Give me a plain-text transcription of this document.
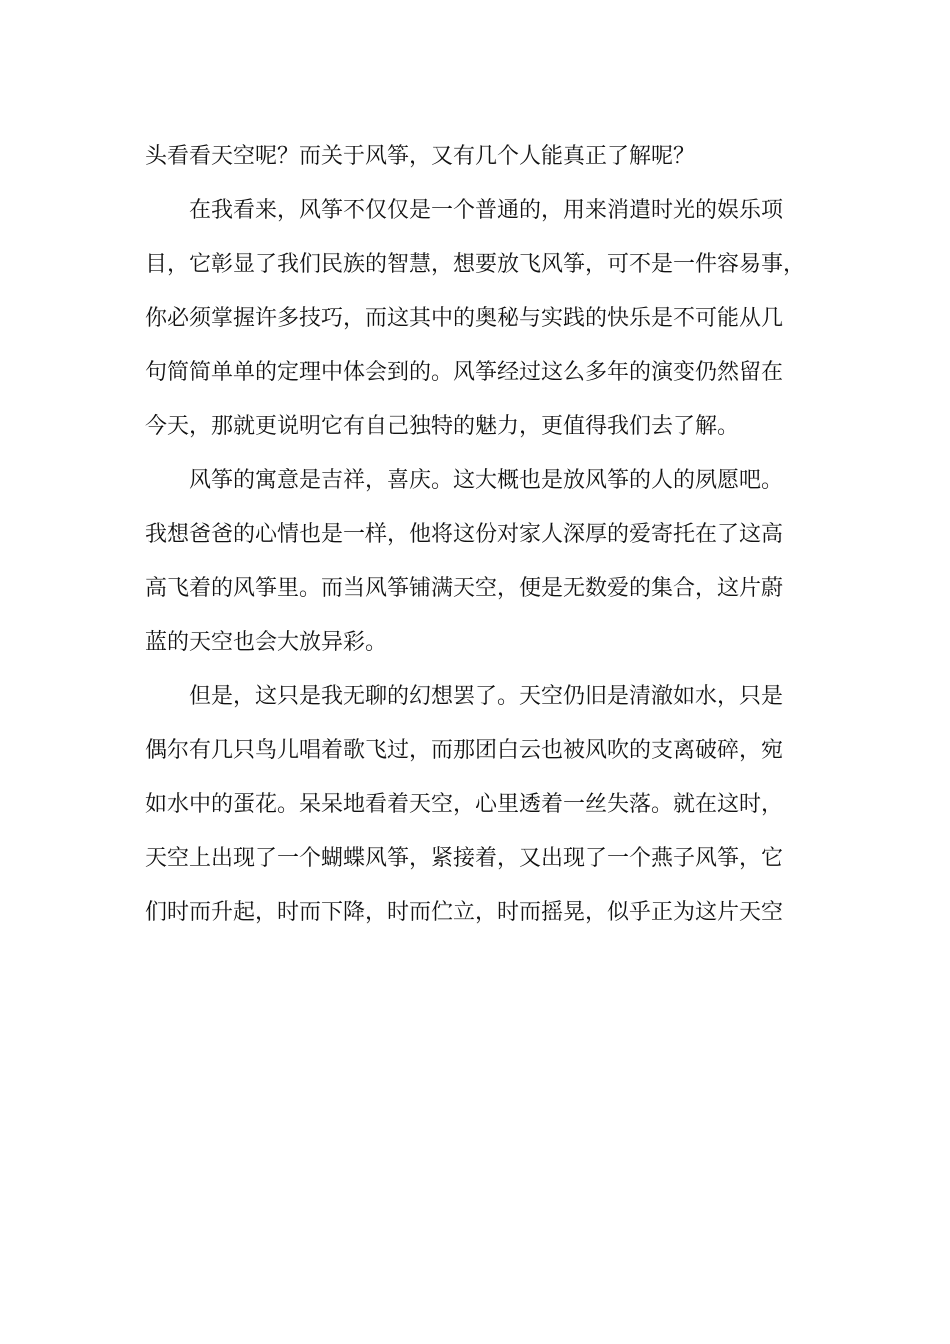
头看看天空呢？而关于风筝，又有几个人能真正了解呢？
在我看来，风筝不仅仅是一个普通的，用来消遣时光的娱乐项
目，它彰显了我们民族的智慧，想要放飞风筝，可不是一件容易事，
你必须掌握许多技巧，而这其中的奥秘与实践的快乐是不可能从几
句简简单单的定理中体会到的。风筝经过这么多年的演变仍然留在
今天，那就更说明它有自己独特的魅力，更值得我们去了解。
风筝的寓意是吉祥，喜庆。这大概也是放风筝的人的夙愿吧。
我想爸爸的心情也是一样，他将这份对家人深厚的爱寄托在了这高
高飞着的风筝里。而当风筝铺满天空，便是无数爱的集合，这片蔚
蓝的天空也会大放异彩。
但是，这只是我无聊的幻想罢了。天空仍旧是清澈如水，只是
偶尔有几只鸟儿唱着歌飞过，而那团白云也被风吹的支离破碎，宛
如水中的蛋花。呆呆地看着天空，心里透着一丝失落。就在这时，
天空上出现了一个蝴蝶风筝，紧接着，又出现了一个燕子风筝，它
们时而升起，时而下降，时而伫立，时而摇晃，似乎正为这片天空
